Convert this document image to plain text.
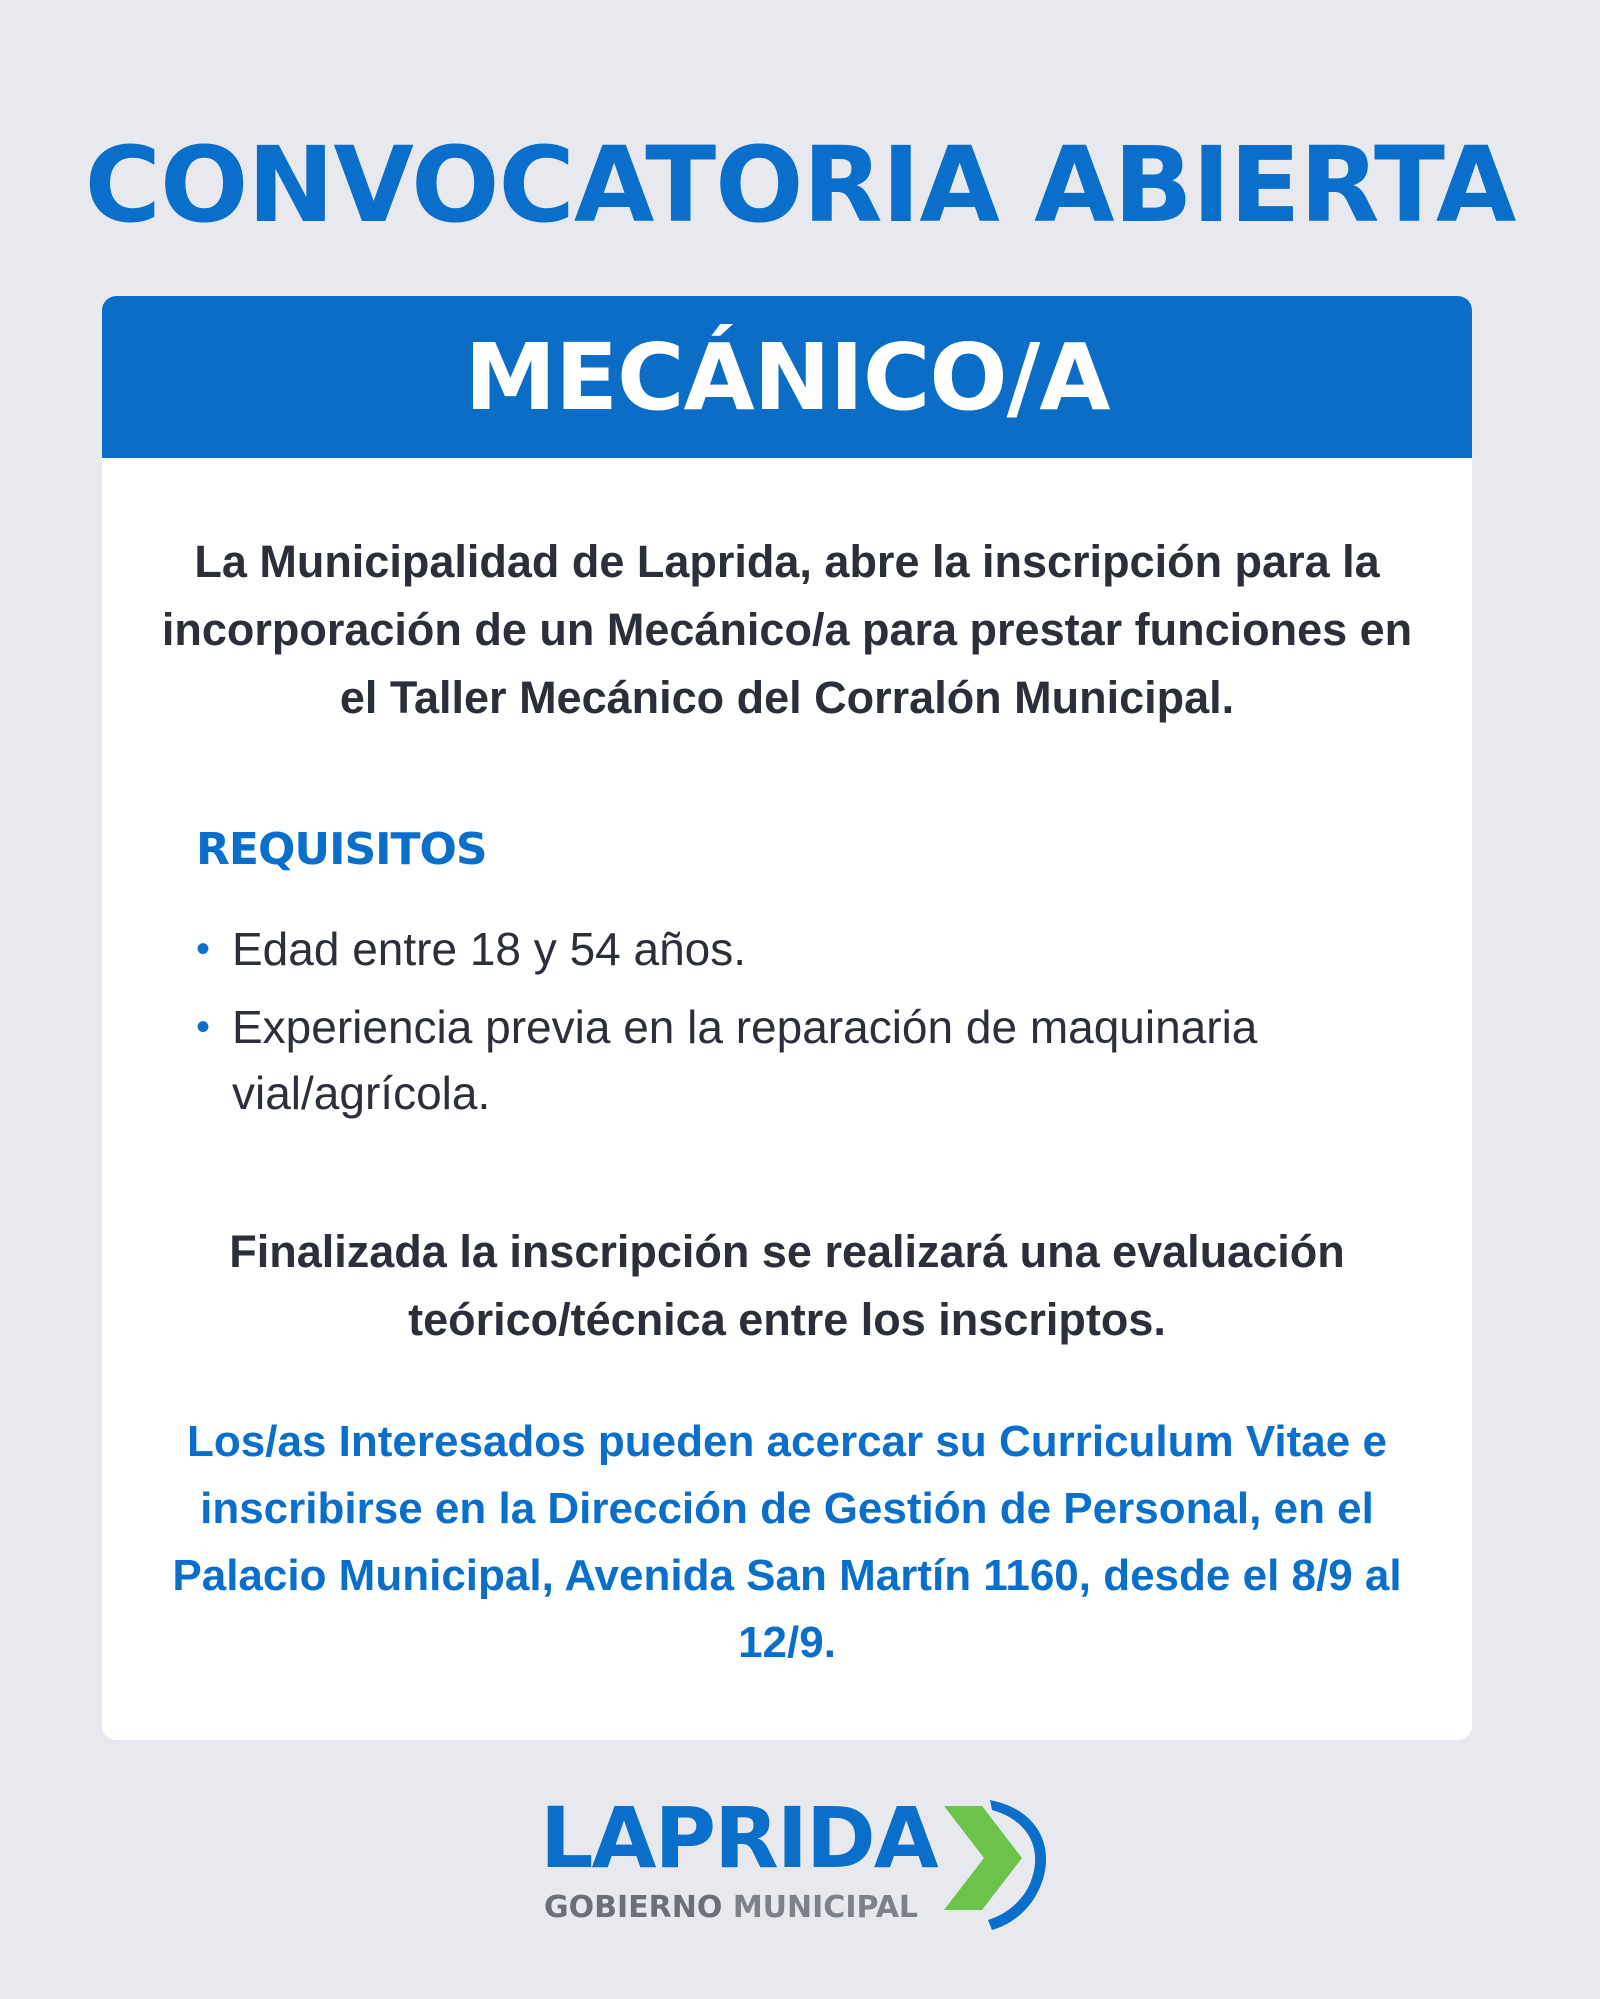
CONVOCATORIA ABIERTA
MECÁNICO/A
La Municipalidad de Laprida, abre la inscripción para la incorporación de un Mecánico/a para prestar funciones en el Taller Mecánico del Corralón Municipal.
REQUISITOS
• Edad entre 18 y 54 años.
• Experiencia previa en la reparación de maquinaria vial/agrícola.
Finalizada la inscripción se realizará una evaluación teórico/técnica entre los inscriptos.
Los/as Interesados pueden acercar su Curriculum Vitae e inscribirse en la Dirección de Gestión de Personal, en el Palacio Municipal, Avenida San Martín 1160, desde el 8/9 al 12/9.
LAPRIDA
GOBIERNO MUNICIPAL
